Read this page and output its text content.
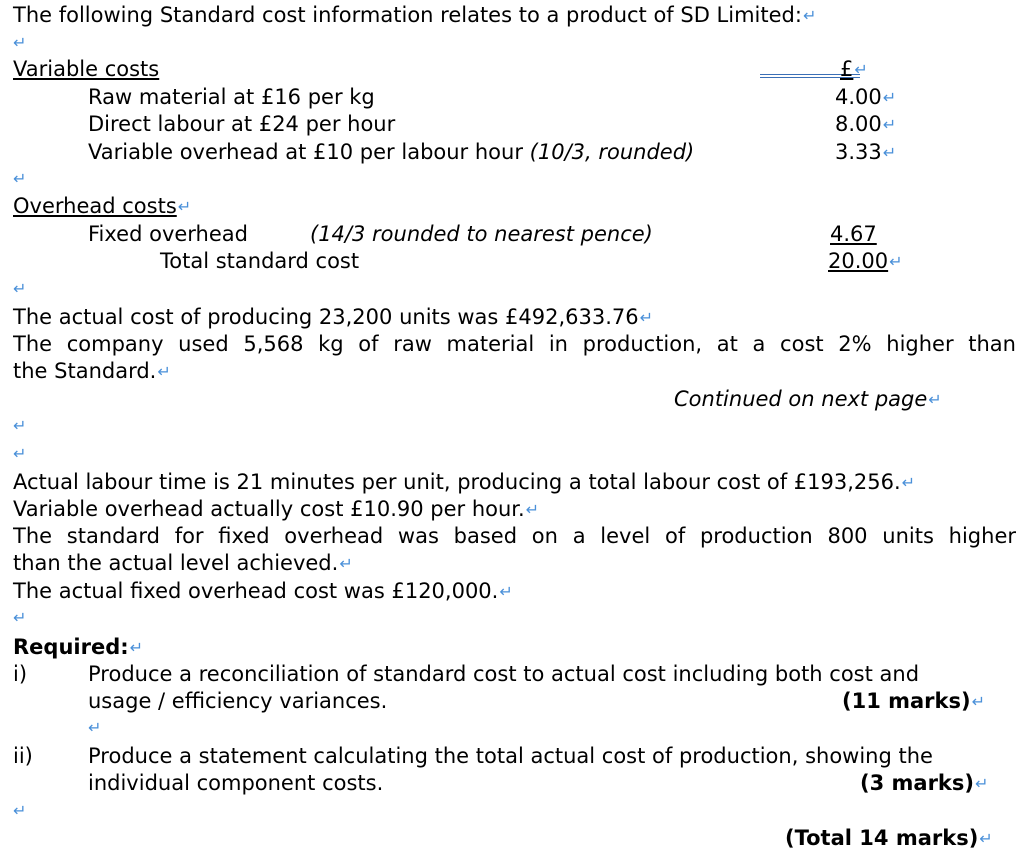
The following Standard cost information relates to a product of SD Limited:↵
↵
Variable costs	£↵
Raw material at £16 per kg	4.00↵
Direct labour at £24 per hour	8.00↵
Variable overhead at £10 per labour hour (10/3, rounded)	3.33↵
↵
Overhead costs↵
Fixed overhead	(14/3 rounded to nearest pence)	4.67
Total standard cost	20.00↵
↵
The actual cost of producing 23,200 units was £492,633.76↵
The company used 5,568 kg of raw material in production, at a cost 2% higher than
the Standard.↵
Continued on next page↵
↵
↵
Actual labour time is 21 minutes per unit, producing a total labour cost of £193,256.↵
Variable overhead actually cost £10.90 per hour.↵
The standard for fixed overhead was based on a level of production 800 units higher
than the actual level achieved.↵
The actual fixed overhead cost was £120,000.↵
↵
Required:↵
i)	Produce a reconciliation of standard cost to actual cost including both cost and
usage / efficiency variances.	(11 marks)↵
↵
ii)	Produce a statement calculating the total actual cost of production, showing the
individual component costs.	(3 marks)↵
↵
(Total 14 marks)↵
